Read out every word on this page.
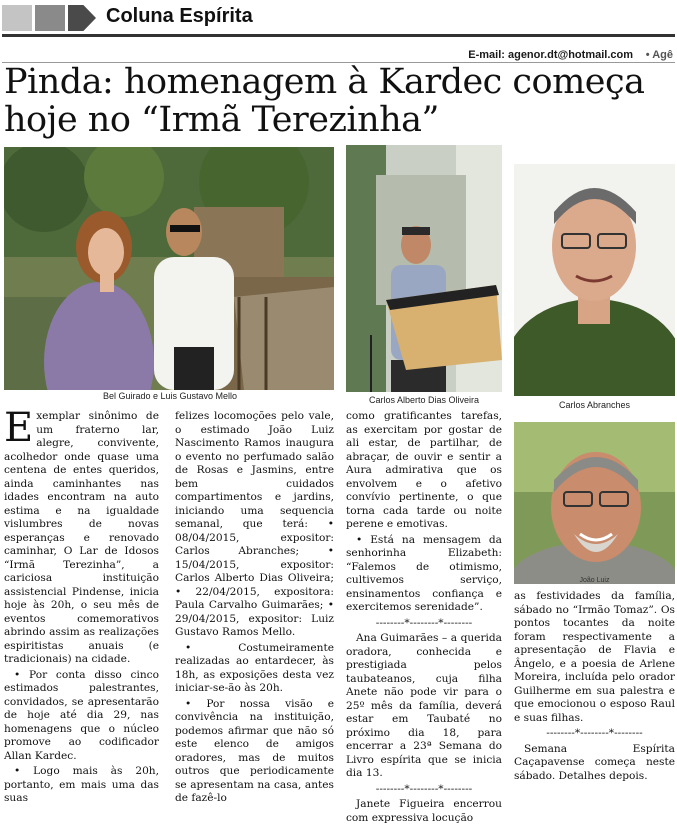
Coluna Espírita
E-mail: agenor.dt@hotmail.com • Agê
Pinda: homenagem à Kardec começa hoje no “Irmã Terezinha”
Bel Guirado e Luis Gustavo Mello	Carlos Alberto Dias Oliveira	Carlos Abranches
João Luiz

Exemplar sinônimo de um fraterno lar, alegre, convivente, acolhedor onde quase uma centena de entes queridos, ainda caminhantes nas idades encontram na auto estima e na igualdade vislumbres de novas esperanças e renovado caminhar, O Lar de Idosos “Irmã Terezinha”, a cariciosa instituição assistencial Pindense, inicia hoje às 20h, o seu mês de eventos comemorativos abrindo assim as realizações espiritistas anuais (e tradicionais) na cidade.

• Por conta disso cinco estimados palestrantes, convidados, se apresentarão de hoje até dia 29, nas homenagens que o núcleo promove ao codificador Allan Kardec.

• Logo mais às 20h, portanto, em mais uma das suas

felizes locomoções pelo vale, o estimado João Luiz Nascimento Ramos inaugura o evento no perfumado salão de Rosas e Jasmins, entre bem cuidados compartimentos e jardins, iniciando uma sequencia semanal, que terá: • 08/04/2015, expositor: Carlos Abranches; • 15/04/2015, expositor: Carlos Alberto Dias Oliveira; • 22/04/2015, expositora: Paula Carvalho Guimarães; • 29/04/2015, expositor: Luiz Gustavo Ramos Mello.

• Costumeiramente realizadas ao entardecer, às 18h, as exposições desta vez iniciar-se-ão às 20h.

• Por nossa visão e convivência na instituição, podemos afirmar que não só este elenco de amigos oradores, mas de muitos outros que periodicamente se apresentam na casa, antes de fazê-lo

como gratificantes tarefas, as exercitam por gostar de ali estar, de partilhar, de abraçar, de ouvir e sentir a Aura admirativa que os envolvem e o afetivo convívio pertinente, o que torna cada tarde ou noite perene e emotivas.

• Está na mensagem da senhorinha Elizabeth: “Falemos de otimismo, cultivemos serviço, ensinamentos confiança e exercitemos serenidade”.

--------*--------*--------

Ana Guimarães – a querida oradora, conhecida e prestigiada pelos taubateanos, cuja filha Anete não pode vir para o 25º mês da família, deverá estar em Taubaté no próximo dia 18, para encerrar a 23ª Semana do Livro espírita que se inicia dia 13.

--------*--------*--------

Janete Figueira encerrou com expressiva locução

as festividades da família, sábado no “Irmão Tomaz”. Os pontos tocantes da noite foram respectivamente a apresentação de Flavia e Ângelo, e a poesia de Arlene Moreira, incluída pelo orador Guilherme em sua palestra e que emocionou o esposo Raul e suas filhas.

--------*--------*--------

Semana Espírita Caçapavense começa neste sábado. Detalhes depois.
